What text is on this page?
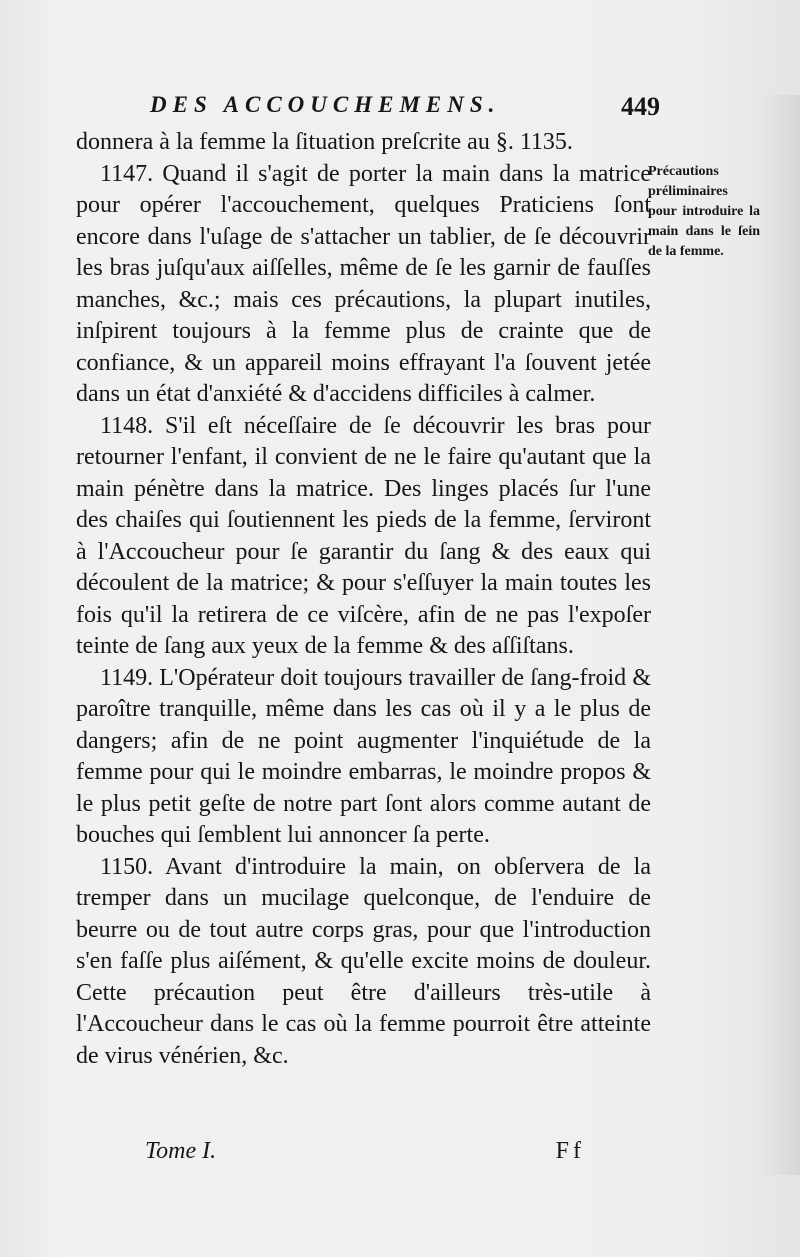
DES ACCOUCHEMENS.	449

donnera à la femme la ſituation preſcrite au §. 1135.

1147. Quand il s'agit de porter la main dans la matrice pour opérer l'accouchement, quelques Praticiens ſont encore dans l'uſage de s'attacher un tablier, de ſe découvrir les bras juſqu'aux aiſſelles, même de ſe les garnir de fauſſes manches, &c.; mais ces précautions, la plupart inutiles, inſpirent toujours à la femme plus de crainte que de confiance, & un appareil moins effrayant l'a ſouvent jetée dans un état d'anxiété & d'accidens difficiles à calmer.

1148. S'il eſt néceſſaire de ſe découvrir les bras pour retourner l'enfant, il convient de ne le faire qu'autant que la main pénètre dans la matrice. Des linges placés ſur l'une des chaiſes qui ſoutiennent les pieds de la femme, ſerviront à l'Accoucheur pour ſe garantir du ſang & des eaux qui découlent de la matrice; & pour s'eſſuyer la main toutes les fois qu'il la retirera de ce viſcère, afin de ne pas l'expoſer teinte de ſang aux yeux de la femme & des aſſiſtans.

1149. L'Opérateur doit toujours travailler de ſang-froid & paroître tranquille, même dans les cas où il y a le plus de dangers; afin de ne point augmenter l'inquiétude de la femme pour qui le moindre embarras, le moindre propos & le plus petit geſte de notre part ſont alors comme autant de bouches qui ſemblent lui annoncer ſa perte.

1150. Avant d'introduire la main, on obſervera de la tremper dans un mucilage quelconque, de l'enduire de beurre ou de tout autre corps gras, pour que l'introduction s'en faſſe plus aiſément, & qu'elle excite moins de douleur. Cette précaution peut être d'ailleurs très-utile à l'Accoucheur dans le cas où la femme pourroit être atteinte de virus vénérien, &c.

Précautions préliminaires pour introduire la main dans le ſein de la femme.
Tome I.	Ff
